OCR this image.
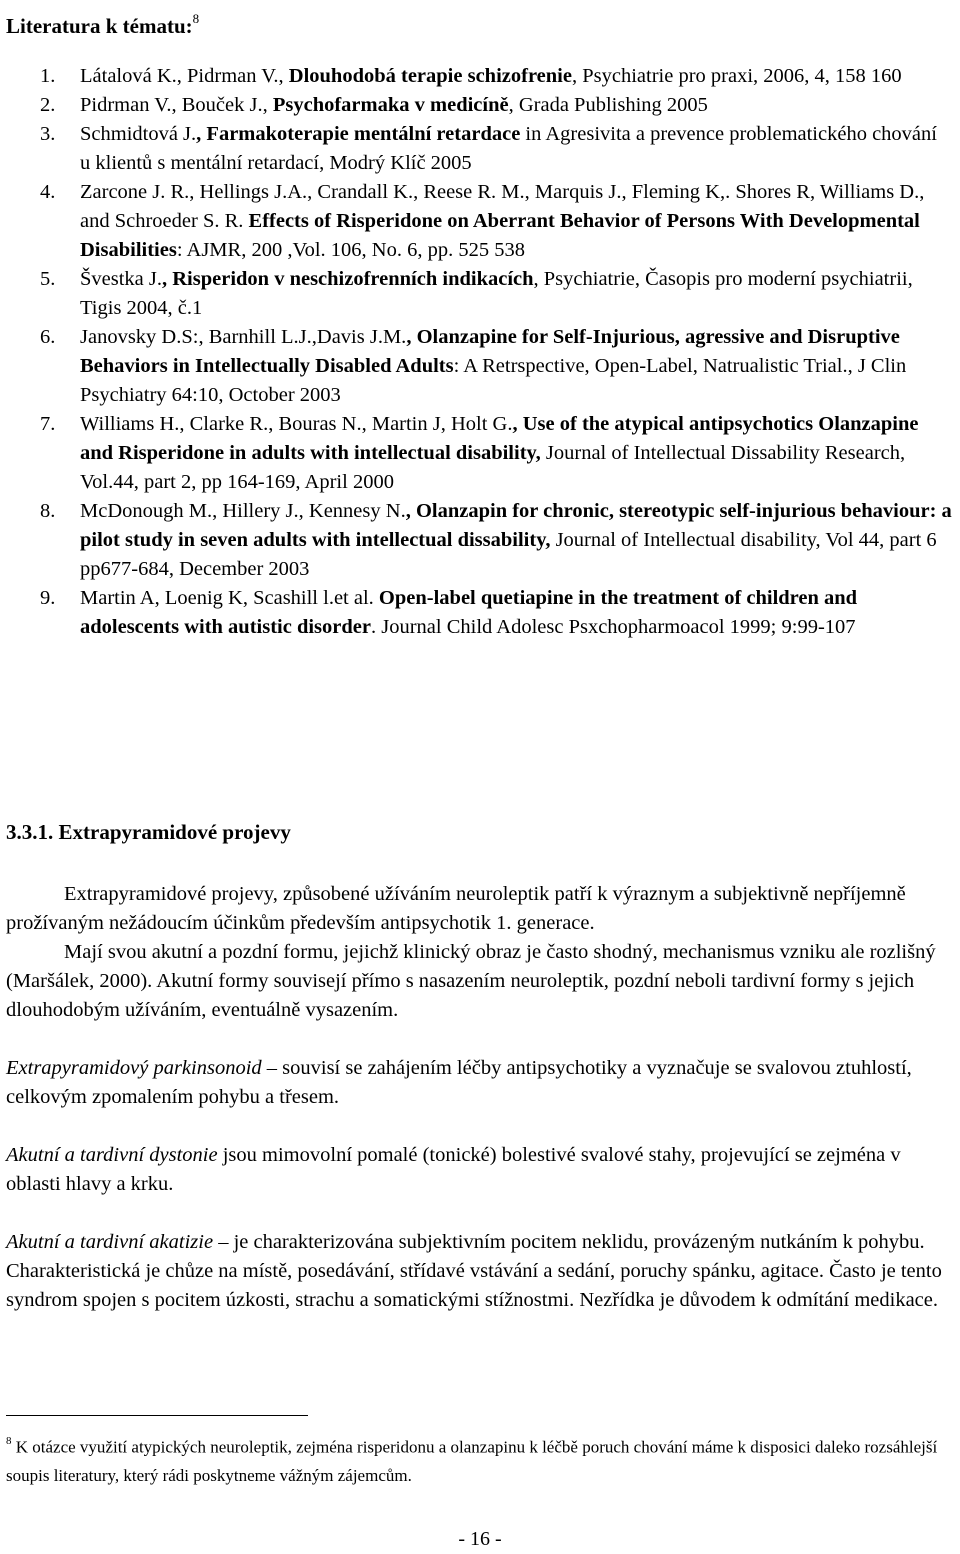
Literatura k tématu:$^8$
1. Látalová K., Pidrman V., Dlouhodobá terapie schizofrenie, Psychiatrie pro praxi, 2006, 4, 158 160
2. Pidrman V., Bouček J., Psychofarmaka v medicíně, Grada Publishing 2005
3. Schmidtová J., Farmakoterapie mentální retardace in Agresivita a prevence problematického chování u klientů s mentální retardací, Modrý Klíč 2005
4. Zarcone J. R., Hellings J.A., Crandall K., Reese R. M., Marquis J., Fleming K,. Shores R, Williams D., and Schroeder S. R. Effects of Risperidone on Aberrant Behavior of Persons With Developmental Disabilities: AJMR, 200 ,Vol. 106, No. 6, pp. 525 538
5. Švestka J., Risperidon v neschizofrenních indikacích, Psychiatrie, Časopis pro moderní psychiatrii, Tigis 2004, č.1
6. Janovsky D.S:, Barnhill L.J.,Davis J.M., Olanzapine for Self-Injurious, agressive and Disruptive Behaviors in Intellectually Disabled Adults: A Retrspective, Open-Label, Natrualistic Trial., J Clin Psychiatry 64:10, October 2003
7. Williams H., Clarke R., Bouras N., Martin J, Holt G., Use of the atypical antipsychotics Olanzapine and Risperidone in adults with intellectual disability, Journal of Intellectual Dissability Research, Vol.44, part 2, pp 164-169, April 2000
8. McDonough M., Hillery J., Kennesy N., Olanzapin for chronic, stereotypic self-injurious behaviour: a pilot study in seven adults with intellectual dissability, Journal of Intellectual disability, Vol 44, part 6 pp677-684, December 2003
9. Martin A, Loenig K, Scashill l.et al. Open-label quetiapine in the treatment of children and adolescents with autistic disorder. Journal Child Adolesc Psxchopharmoacol 1999; 9:99-107
3.3.1. Extrapyramidové projevy

Extrapyramidové projevy, způsobené užíváním neuroleptik patří k výraznym a subjektivně nepříjemně prožívaným nežádoucím účinkům především antipsychotik 1. generace.

Mají svou akutní a pozdní formu, jejichž klinický obraz je často shodný, mechanismus vzniku ale rozlišný (Maršálek, 2000). Akutní formy souvisejí přímo s nasazením neuroleptik, pozdní neboli tardivní formy s jejich dlouhodobým užíváním, eventuálně vysazením.

Extrapyramidový parkinsonoid – souvisí se zahájením léčby antipsychotiky a vyznačuje se svalovou ztuhlostí, celkovým zpomalením pohybu a třesem.

Akutní a tardivní dystonie jsou mimovolní pomalé (tonické) bolestivé svalové stahy, projevující se zejména v oblasti hlavy a krku.

Akutní a tardivní akatizie – je charakterizována subjektivním pocitem neklidu, provázeným nutkáním k pohybu. Charakteristická je chůze na místě, posedávání, střídavé vstávání a sedání, poruchy spánku, agitace. Často je tento syndrom spojen s pocitem úzkosti, strachu a somatickými stížnostmi. Nezřídka je důvodem k odmítání medikace.

$^8$ K otázce využití atypických neuroleptik, zejména risperidonu a olanzapinu k léčbě poruch chování máme k disposici daleko rozsáhlejší soupis literatury, který rádi poskytneme vážným zájemcům.
- 16 -
